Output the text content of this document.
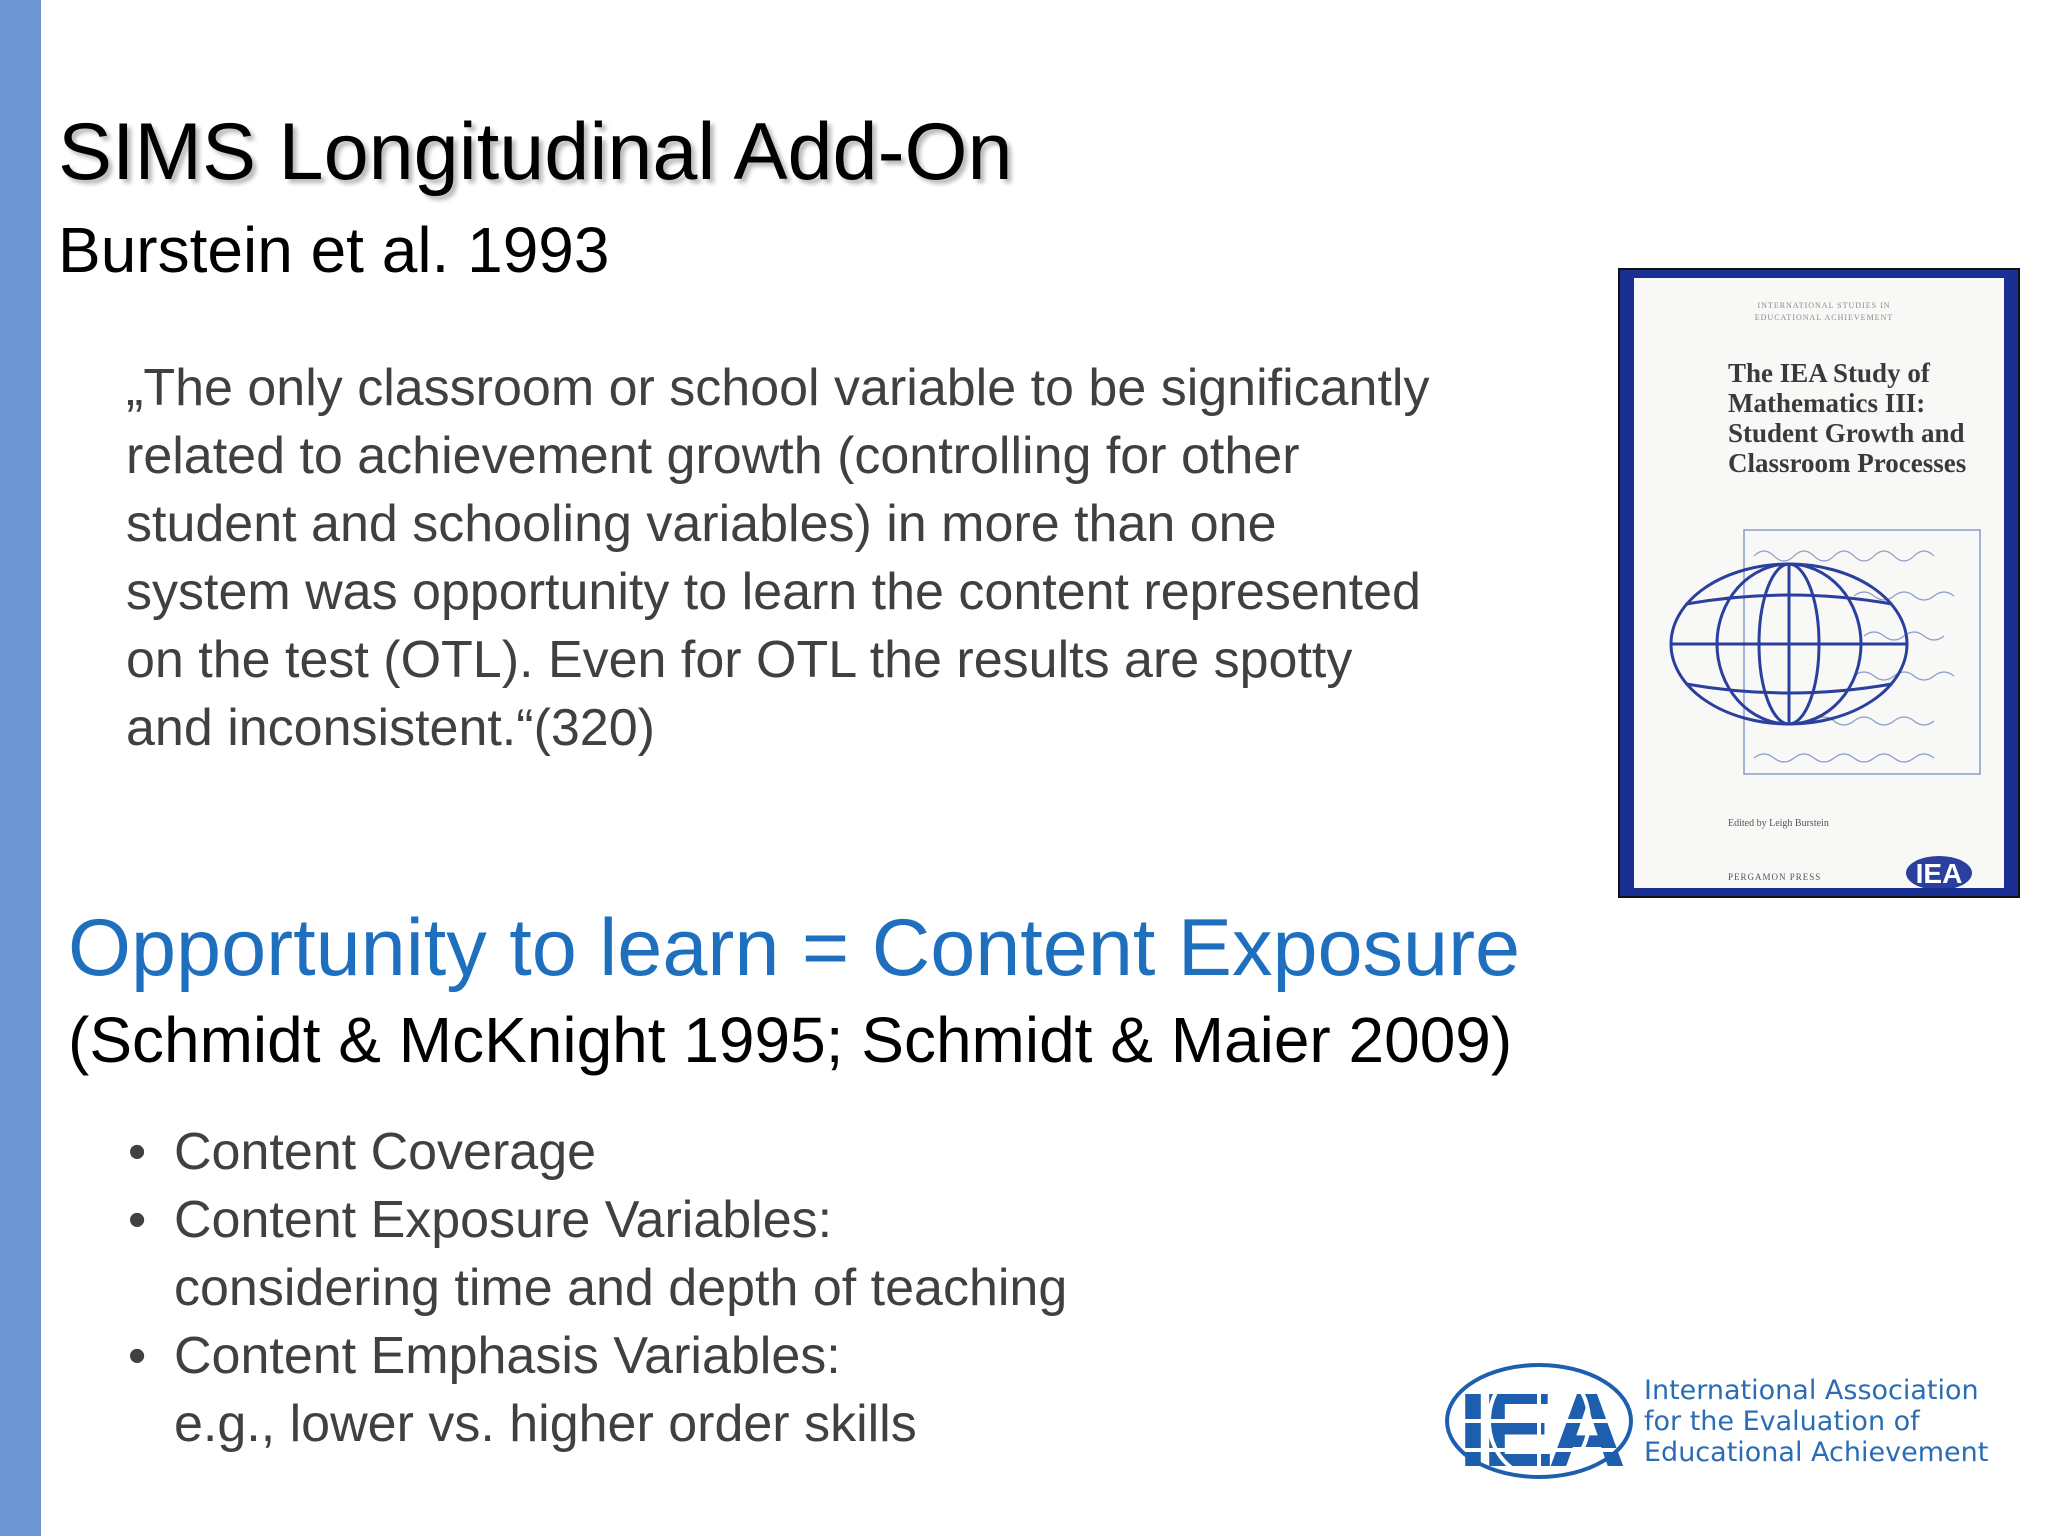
SIMS Longitudinal Add-On
Burstein et al. 1993
„The only classroom or school variable to be significantly
related to achievement growth (controlling for other
student and schooling variables) in more than one
system was opportunity to learn the content represented
on the test (OTL). Even for OTL the results are spotty
and inconsistent.“(320)
Opportunity to learn = Content Exposure
(Schmidt & McKnight 1995; Schmidt & Maier 2009)
• Content Coverage
• Content Exposure Variables:
considering time and depth of teaching
• Content Emphasis Variables:
e.g., lower vs. higher order skills
INTERNATIONAL STUDIES IN
EDUCATIONAL ACHIEVEMENT
The IEA Study of
Mathematics III:
Student Growth and
Classroom Processes
Edited by Leigh Burstein
PERGAMON PRESS	IEA
IEA International Association
for the Evaluation of
Educational Achievement
